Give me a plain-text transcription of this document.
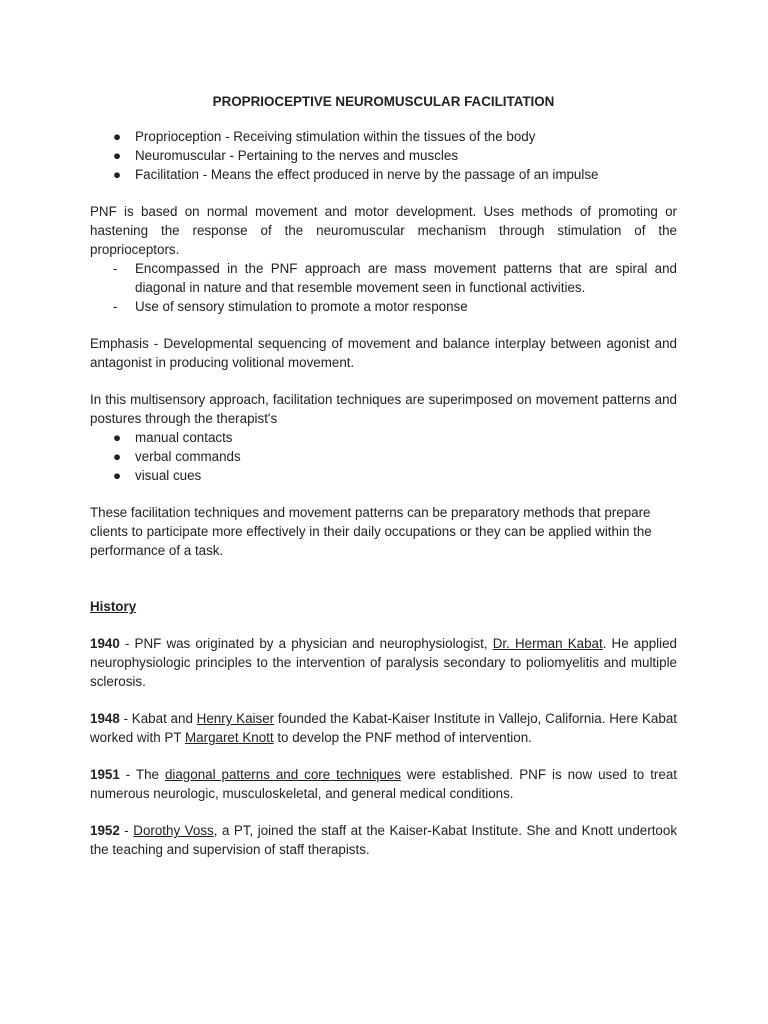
PROPRIOCEPTIVE NEUROMUSCULAR FACILITATION

● Proprioception - Receiving stimulation within the tissues of the body
● Neuromuscular - Pertaining to the nerves and muscles
● Facilitation - Means the effect produced in nerve by the passage of an impulse

PNF is based on normal movement and motor development. Uses methods of promoting or hastening the response of the neuromuscular mechanism through stimulation of the proprioceptors.

- Encompassed in the PNF approach are mass movement patterns that are spiral and diagonal in nature and that resemble movement seen in functional activities.
- Use of sensory stimulation to promote a motor response

Emphasis - Developmental sequencing of movement and balance interplay between agonist and antagonist in producing volitional movement.

In this multisensory approach, facilitation techniques are superimposed on movement patterns and postures through the therapist's

● manual contacts
● verbal commands
● visual cues

These facilitation techniques and movement patterns can be preparatory methods that prepare clients to participate more effectively in their daily occupations or they can be applied within the performance of a task.

History

1940 - PNF was originated by a physician and neurophysiologist, Dr. Herman Kabat. He applied neurophysiologic principles to the intervention of paralysis secondary to poliomyelitis and multiple sclerosis.

1948 - Kabat and Henry Kaiser founded the Kabat-Kaiser Institute in Vallejo, California. Here Kabat worked with PT Margaret Knott to develop the PNF method of intervention.

1951 - The diagonal patterns and core techniques were established. PNF is now used to treat numerous neurologic, musculoskeletal, and general medical conditions.

1952 - Dorothy Voss, a PT, joined the staff at the Kaiser-Kabat Institute. She and Knott undertook the teaching and supervision of staff therapists.
